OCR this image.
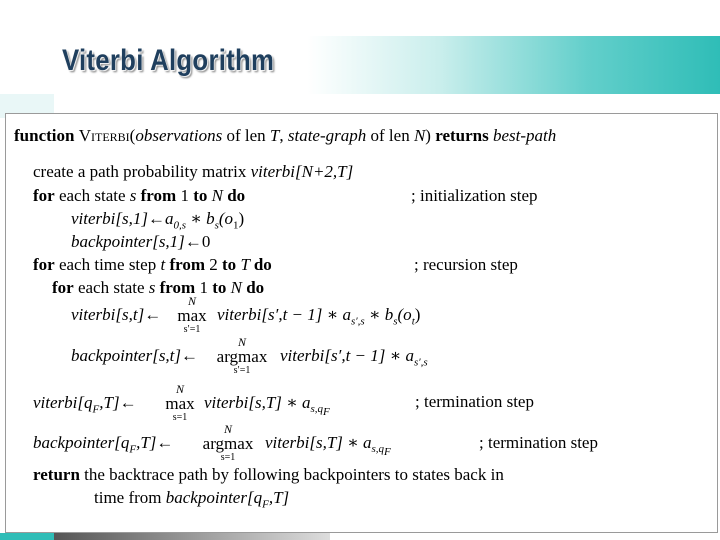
Viterbi Algorithm
function Viterbi(observations of len T, state-graph of len N) returns best-path
create a path probability matrix viterbi[N+2,T]
for each state s from 1 to N do	; initialization step
$viterbi[s,1]\leftarrow a_{0,s}$ ∗ $b_s(o_1)$
backpointer[s,1]←0
for each time step t from 2 to T do	; recursion step
for each state s from 1 to N do
viterbi[s,t]←
N
max
s′=1
viterbi[s′,t − 1] ∗ $a_{s',s}$ ∗ $b_s(o_t)$
backpointer[s,t]←
N
argmax
s′=1
viterbi[s′,t − 1] ∗ $a_{s',s}$
$viterbi[q_F,T]\leftarrow$
N
max
s=1
viterbi[s,T] ∗ $a_{s,q_F}$
; termination step
$backpointer[q_F,T]\leftarrow$
N
argmax
s=1
viterbi[s,T] ∗ $a_{s,q_F}$
; termination step
return the backtrace path by following backpointers to states back in
time from $backpointer[q_F,T]$
